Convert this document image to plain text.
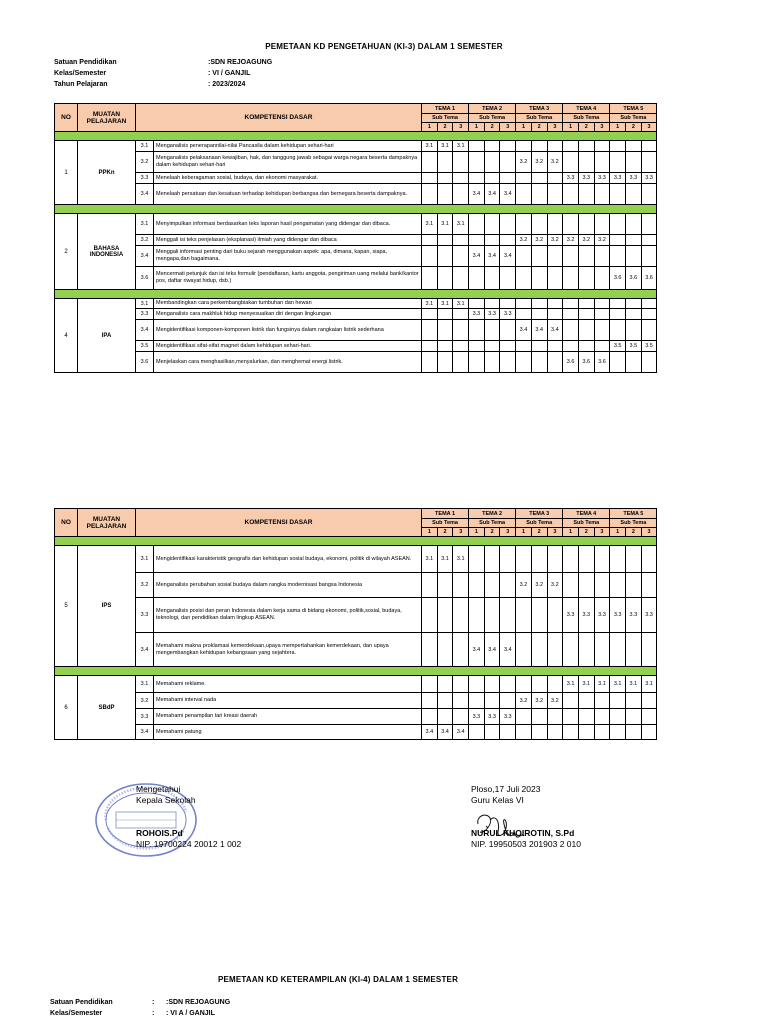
PEMETAAN KD PENGETAHUAN (KI-3) DALAM 1 SEMESTER
Satuan Pendidikan	:SDN REJOAGUNG
Kelas/Semester	: VI / GANJIL
Tahun Pelajaran	: 2023/2024
NO	MUATAN PELAJARAN	KOMPETENSI DASAR		TEMA 1			TEMA 2			TEMA 3			TEMA 4			TEMA 5		
				Sub Tema			Sub Tema			Sub Tema			Sub Tema			Sub Tema		
				1	2	3	1	2	3	1	2	3	1	2	3	1	2	3

1	PPKn	3.1	Menganalisis penerapannilai-nilai Pancasila dalam kehidupan sehari-hari	3.1	3.1	3.1												
		3.2	Menganalisis pelaksanaan kewajiban, hak, dan tanggung jawab sebagai warga negara beserta dampaknya dalam kehidupan sehari-hari							3.2	3.2	3.2						
		3.3	Menelaah keberagaman sosial, budaya, dan ekonomi masyarakat.										3.3	3.3	3.3	3.3	3.3	3.3
		3.4	Menelaah persatuan dan kesatuan terhadap kehidupan berbangsa dan bernegara beserta dampaknya.				3.4	3.4	3.4									

2	BAHASA INDONESIA	3.1	Menyimpulkan informasi berdasarkan teks laporan hasil pengamatan yang didengar dan dibaca.	3.1	3.1	3.1												
		3.2	Menggali isi teks penjelasan (eksplanasi) ilmiah yang didengar dan dibaca							3.2	3.2	3.2	3.2	3.2	3.2			
		3.4	Menggali informasi penting dari buku sejarah menggunakan aspek: apa, dimana, kapan, siapa, mengapa,dan bagaimana.				3.4	3.4	3.4									
		3.6	Mencermati petunjuk dan isi teks formulir (pendaftaran, kartu anggota, pengiriman uang melalui bank/kantor pos, daftar riwayat hidup, dsb.)													3.6	3.6	3.6

4	IPA	3.1	Membandingkan cara perkembangbiakan tumbuhan dan hewan	3.1	3.1	3.1												
		3.3	Menganalisis cara makhluk hidup menyesuaikan diri dengan lingkungan				3.3	3.3	3.3									
		3.4	Mengidentifikasi komponen-komponen listrik dan fungsinya dalam rangkaian listrik sederhana							3.4	3.4	3.4						
		3.5	Mengidentifikasi sifat-sifat magnet dalam kehidupan sehari-hari.													3.5	3.5	3.5
		3.6	Menjelaskan cara menghasilkan,menyalurkan, dan menghemat energi listrik.										3.6	3.6	3.6			
NO	MUATAN PELAJARAN	KOMPETENSI DASAR		TEMA 1			TEMA 2			TEMA 3			TEMA 4			TEMA 5		
				Sub Tema			Sub Tema			Sub Tema			Sub Tema			Sub Tema		
				1	2	3	1	2	3	1	2	3	1	2	3	1	2	3

5	IPS	3.1	Mengidentifikasi karakteristik geografis dan kehidupan sosial budaya, ekonomi, politik di wilayah ASEAN.	3.1	3.1	3.1												
		3.2	Menganalisis perubahan sosial budaya dalam rangka modernisasi bangsa Indonesia							3.2	3.2	3.2						
		3.3	Menganalisis posisi dan peran Indonesia dalam kerja sama di bidang ekonomi, politik,sosial, budaya, teknologi, dan pendidikan dalam lingkup ASEAN.										3.3	3.3	3.3	3.3	3.3	3.3
		3.4	Memahami makna proklamasi kemerdekaan,upaya mempertahankan kemerdekaan, dan upaya mengembangkan kehidupan kebangsaan yang sejahtera.				3.4	3.4	3.4									

6	SBdP	3.1	Memahami reklame.										3.1	3.1	3.1	3.1	3.1	3.1
		3.2	Memahami interval nada							3.2	3.2	3.2						
		3.3	Memahami penampilan tari kreasi daerah				3.3	3.3	3.3									
		3.4	Memahami patung	3.4	3.4	3.4												
Mengetahui
Kepala Sekolah
ROHOIS.Pd
NIP. 19700224 20012 1 002
Ploso,17 Juli 2023
Guru Kelas VI
NURUL KHOIROTIN, S.Pd
NIP. 19950503 201903 2 010
PEMETAAN KD KETERAMPILAN (KI-4) DALAM 1 SEMESTER
Satuan Pendidikan	:	:SDN REJOAGUNG
Kelas/Semester	:	: VI A / GANJIL
